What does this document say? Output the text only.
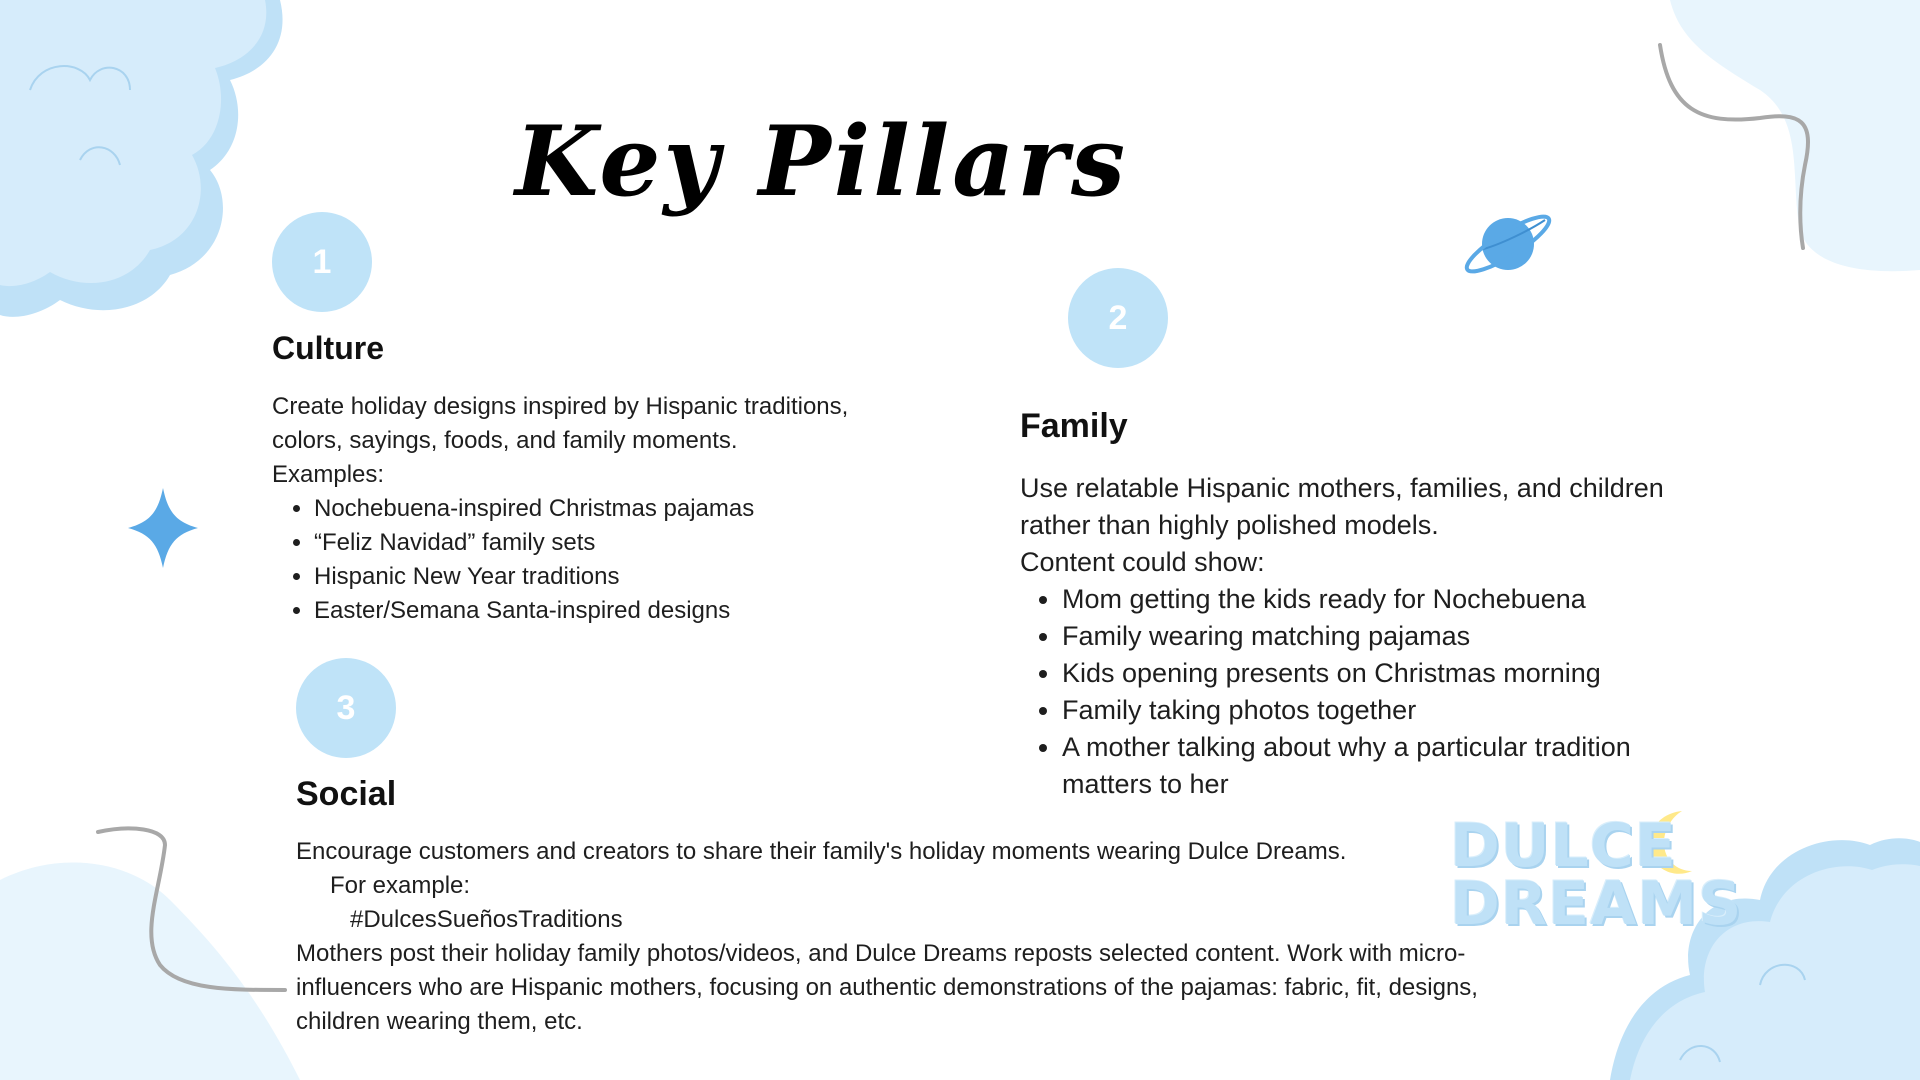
Key Pillars
1
Culture

Create holiday designs inspired by Hispanic traditions, colors, sayings, foods, and family moments.

Examples:

• Nochebuena-inspired Christmas pajamas
• “Feliz Navidad” family sets
• Hispanic New Year traditions
• Easter/Semana Santa-inspired designs
2
Family

Use relatable Hispanic mothers, families, and children rather than highly polished models.

Content could show:

• Mom getting the kids ready for Nochebuena
• Family wearing matching pajamas
• Kids opening presents on Christmas morning
• Family taking photos together
• A mother talking about why a particular tradition matters to her
3
Social

Encourage customers and creators to share their family's holiday moments wearing Dulce Dreams.

For example:

#DulcesSueñosTraditions

Mothers post their holiday family photos/videos, and Dulce Dreams reposts selected content. Work with micro-influencers who are Hispanic mothers, focusing on authentic demonstrations of the pajamas: fabric, fit, designs, children wearing them, etc.

DULCE
DREAMS
